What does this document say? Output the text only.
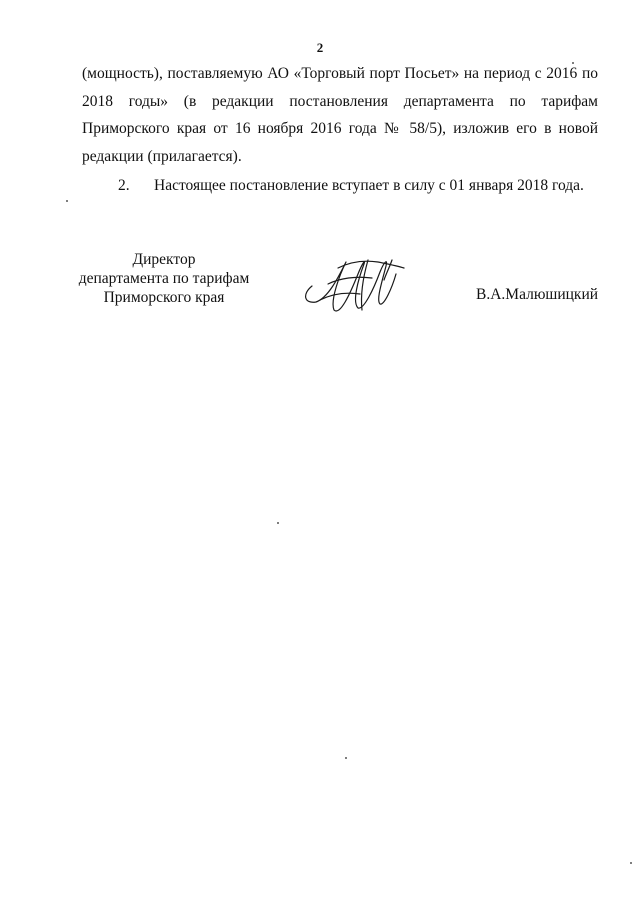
2

(мощность), поставляемую АО «Торговый порт Посьет» на период с 2016 по 2018 годы» (в редакции постановления департамента по тарифам Приморского края от 16 ноября 2016 года № 58/5), изложив его в новой редакции (прилагается).

2. Настоящее постановление вступает в силу с 01 января 2018 года.

Директор
департамента по тарифам
Приморского края	В.А.Малюшицкий
